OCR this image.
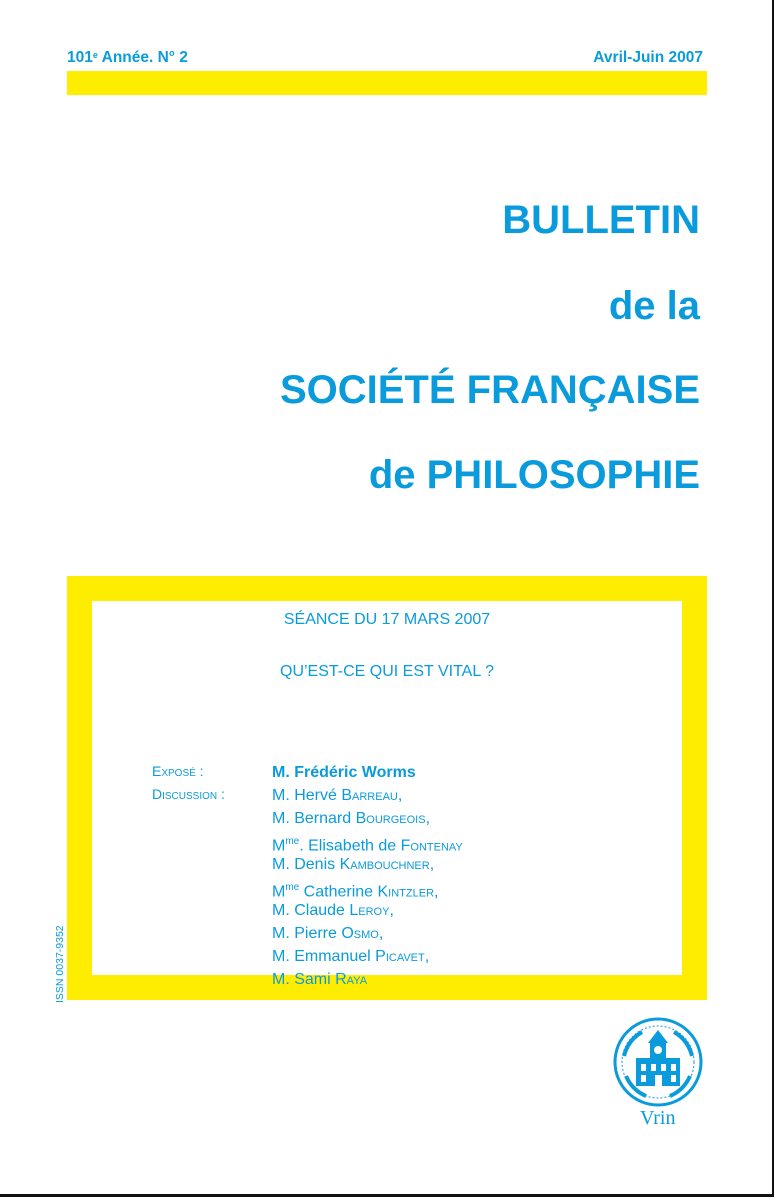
101e Année. N° 2	Avril-Juin 2007
BULLETIN
de la
SOCIÉTÉ FRANÇAISE
de PHILOSOPHIE
SÉANCE DU 17 MARS 2007
QU’EST-CE QUI EST VITAL ?
Exposé :
Discussion :
M. Frédéric Worms
M. Hervé Barreau,
M. Bernard Bourgeois,
$M^{me}$. Elisabeth de Fontenay
M. Denis Kambouchner,
$M^{me}$ Catherine Kintzler,
M. Claude Leroy,
M. Pierre Osmo,
M. Emmanuel Picavet,
M. Sami Raya
ISSN 0037-9352
Vrin
